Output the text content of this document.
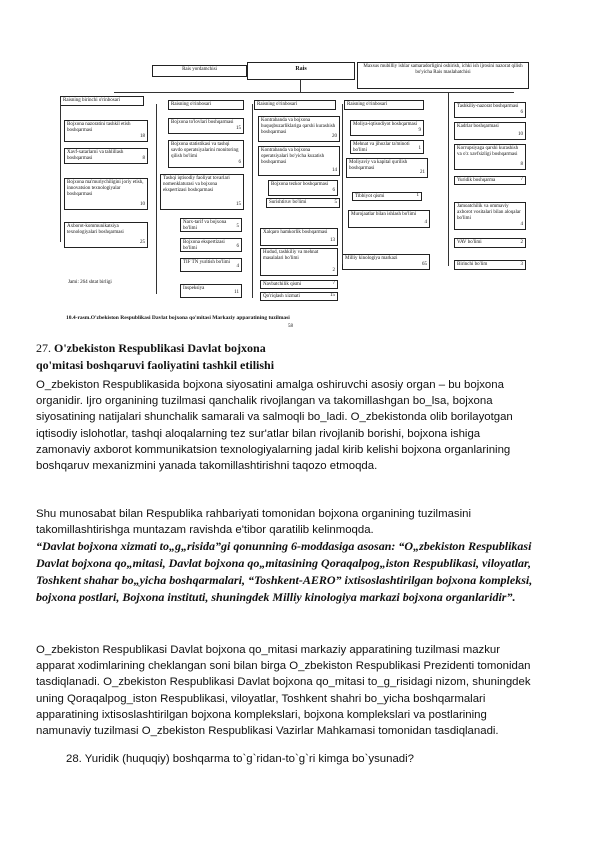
Rais yordamchisi	Rais	Maxsus mubilliy ishlar samaradorligini oshirish, ichki ish ijrosini nazorat qilish bo'yicha Rais maslahatchisi
Raisning birinchi o'rinbosari
Bojxona nazoratini tashkil etish boshqarmasi
18
Xavf-xatarlarni va tahlillash boshqarmasi	8
Bojxona ma'muriychiligini joriy etish, innovatsion texnologiyalar boshqarmasi
10
Axborot-kommunikatsiya texnologiyalari boshqarmasi
25
Jami: 264 shtat birligi
Raisning o'rinbosari
Bojxona to'lovlari boshqarmasi
15
Bojxona statistikasi va tashqi savdo operatsiyalarini monitoring qilish bo'limi
6
Tashqi iqtisodiy faoliyat tovarlari nomenklaturasi va bojxona ekspertizasi boshqarmasi
15
Narx-tarif va bojxona bo'limi	5
Bojxona ekspertizasi bo'limi	6
TIF TN yuritish bo'limi
4
Inspeksiya
11
Raisning o'rinbosari
Kontrabanda va bojxona huquqbuzarliklariga qarshi kurashish boshqarmasi
20
Kontrabanda va bojxona operatsiyalari bo'yicha kuzatish boshqarmasi
14
Bojxona tezkor boshqarmasi
6
Surishtiruv bo'limi	5
Xalqaro hamkorlik boshqarmasi
13
Hudud, tashkiliy va mehnat masalalari bo'limi
2
Navbatchilik qismi	7
Qo'riqlash xizmati	15
Raisning o'rinbosari
Moliya-iqtisodiyot boshqarmasi
9
Mehnat va jihozlar ta'minoti bo'limi	1
Moliyaviy va kapital qurilish boshqarmasi
21
Tibbiyot qismi	1
Murojaatlar bilan ishlash bo'limi
4
Milliy kinologiya markazi
65
Tashkiliy-nazorat boshqarmasi
6
Kadrlar boshqarmasi
10
Korrupsiyaga qarshi kurashish va o'z xavfsizligi boshqarmasi
8
Yuridik boshqarma	7
Jamoatchilik va ommaviy axborot vositalari bilan aloqalar bo'limi
4
VAV bo'limi	2
Birinchi bo'lim	3
10.4-rasm.O'zbekiston Respublikasi Davlat bojxona qo'mitasi Markaziy apparatining tuzilmasi
58
27. O'zbekiston Respublikasi Davlat bojxona
qo'mitasi boshqaruvi faoliyatini tashkil etilishi
O_zbekiston Respublikasida bojxona siyosatini amalga oshiruvchi asosiy organ – bu bojxona organidir. Ijro organining tuzilmasi qanchalik rivojlangan va takomillashgan bo_lsa, bojxona siyosatining natijalari shunchalik samarali va salmoqli bo_ladi. O_zbekistonda olib borilayotgan iqtisodiy islohotlar, tashqi aloqalarning tez sur'atlar bilan rivojlanib borishi, bojxona ishiga zamonaviy axborot kommunikatsion texnologiyalarning jadal kirib kelishi bojxona organlarining boshqaruv mexanizmini yanada takomillashtirishni taqozo etmoqda.
Shu munosabat bilan Respublika rahbariyati tomonidan bojxona organining tuzilmasini takomillashtirishga muntazam ravishda e'tibor qaratilib kelinmoqda.
“Davlat bojxona xizmati to„g„risida”gi qonunning 6-moddasiga asosan: “O„zbekiston Respublikasi Davlat bojxona qo„mitasi, Davlat bojxona qo„mitasining Qoraqalpog„iston Respublikasi, viloyatlar, Toshkent shahar bo„yicha boshqarmalari, “Toshkent-AERO” ixtisoslashtirilgan bojxona kompleksi, bojxona postlari, Bojxona instituti, shuningdek Milliy kinologiya markazi bojxona organlaridir”.
O_zbekiston Respublikasi Davlat bojxona qo_mitasi markaziy apparatining tuzilmasi mazkur apparat xodimlarining cheklangan soni bilan birga O_zbekiston Respublikasi Prezidenti tomonidan tasdiqlanadi. O_zbekiston Respublikasi Davlat bojxona qo_mitasi to_g_risidagi nizom, shuningdek uning Qoraqalpog_iston Respublikasi, viloyatlar, Toshkent shahri bo_yicha boshqarmalari apparatining ixtisoslashtirilgan bojxona komplekslari, bojxona komplekslari va postlarining namunaviy tuzilmasi O_zbekiston Respublikasi Vazirlar Mahkamasi tomonidan tasdiqlanadi.
28. Yuridik (huquqiy) boshqarma to`g`ridan-to`g`ri kimga bo`ysunadi?
